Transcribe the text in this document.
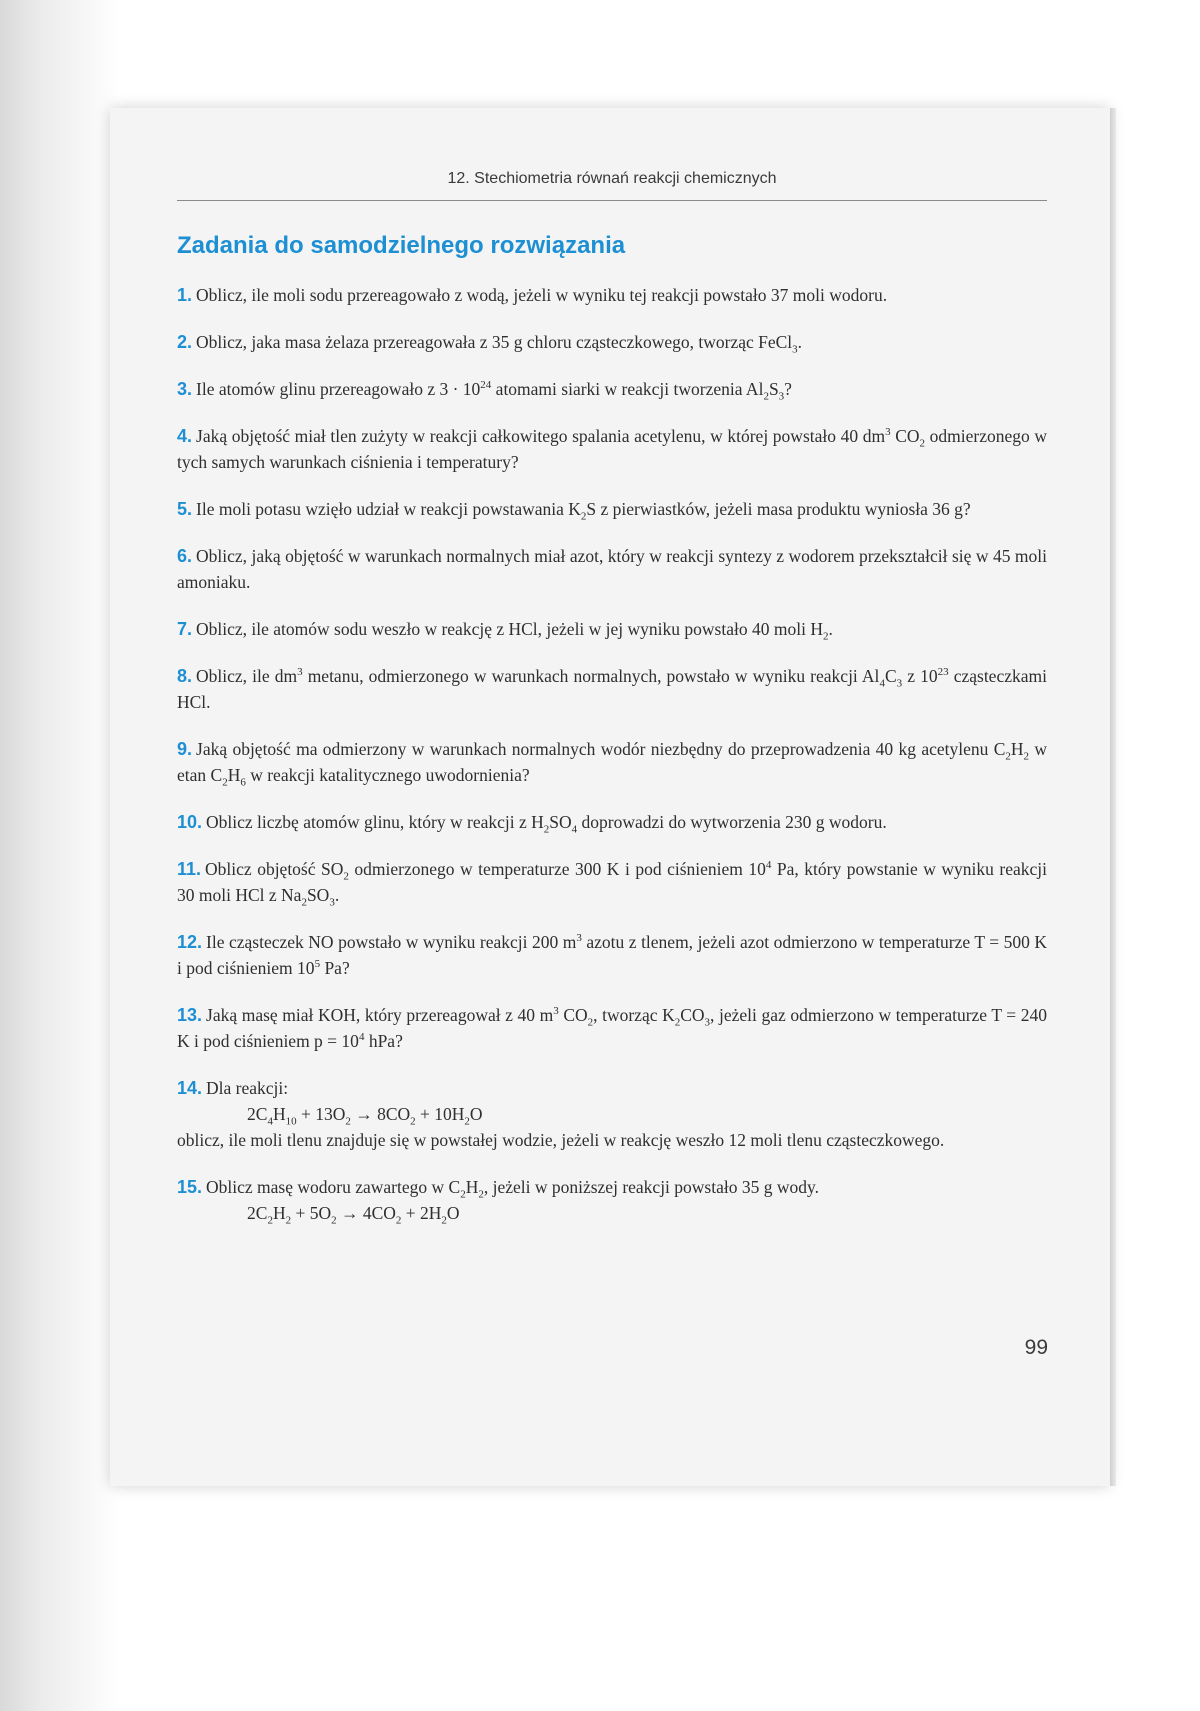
12. Stechiometria równań reakcji chemicznych
Zadania do samodzielnego rozwiązania

1. Oblicz, ile moli sodu przereagowało z wodą, jeżeli w wyniku tej reakcji powstało 37 moli wodoru.

2. Oblicz, jaka masa żelaza przereagowała z 35 g chloru cząsteczkowego, tworząc FeCl$_3$.

3. Ile atomów glinu przereagowało z $3 \cdot 10^{24}$ atomami siarki w reakcji tworzenia $Al_2S_3$?

4. Jaką objętość miał tlen zużyty w reakcji całkowitego spalania acetylenu, w której powstało 40 $dm^3$ $CO_2$ odmierzonego w tych samych warunkach ciśnienia i temperatury?

5. Ile moli potasu wzięło udział w reakcji powstawania $K_2S$ z pierwiastków, jeżeli masa produktu wyniosła 36 g?

6. Oblicz, jaką objętość w warunkach normalnych miał azot, który w reakcji syntezy z wodorem przekształcił się w 45 moli amoniaku.

7. Oblicz, ile atomów sodu weszło w reakcję z HCl, jeżeli w jej wyniku powstało 40 moli $H_2$.

8. Oblicz, ile $dm^3$ metanu, odmierzonego w warunkach normalnych, powstało w wyniku reakcji $Al_4C_3$ z $10^{23}$ cząsteczkami HCl.

9. Jaką objętość ma odmierzony w warunkach normalnych wodór niezbędny do przeprowadzenia 40 kg acetylenu $C_2H_2$ w etan $C_2H_6$ w reakcji katalitycznego uwodornienia?

10. Oblicz liczbę atomów glinu, który w reakcji z $H_2SO_4$ doprowadzi do wytworzenia 230 g wodoru.

11. Oblicz objętość $SO_2$ odmierzonego w temperaturze 300 K i pod ciśnieniem $10^4$ Pa, który powstanie w wyniku reakcji 30 moli HCl z $Na_2SO_3$.

12. Ile cząsteczek NO powstało w wyniku reakcji 200 $m^3$ azotu z tlenem, jeżeli azot odmierzono w temperaturze T = 500 K i pod ciśnieniem $10^5$ Pa?

13. Jaką masę miał KOH, który przereagował z 40 $m^3$ $CO_2$, tworząc $K_2CO_3$, jeżeli gaz odmierzono w temperaturze T = 240 K i pod ciśnieniem $p = 10^4$ hPa?

14. Dla reakcji:
$2C_4H_{10} + 13O_2 \to 8CO_2 + 10H_2O$
oblicz, ile moli tlenu znajduje się w powstałej wodzie, jeżeli w reakcję weszło 12 moli tlenu cząsteczkowego.

15. Oblicz masę wodoru zawartego w $C_2H_2$, jeżeli w poniższej reakcji powstało 35 g wody.
$2C_2H_2 + 5O_2 \to 4CO_2 + 2H_2O$

99
